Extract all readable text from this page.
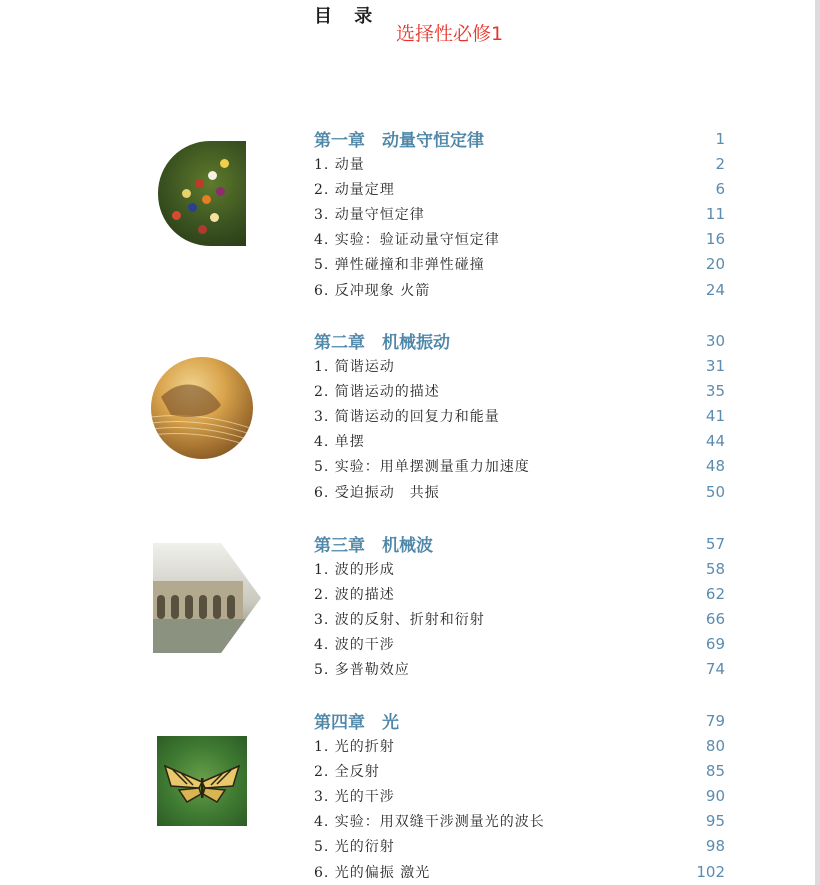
目 录
选择性必修1
第一章　动量守恒定律	1
1. 动量	2
2. 动量定理	6
3. 动量守恒定律	11
4. 实验：验证动量守恒定律	16
5. 弹性碰撞和非弹性碰撞	20
6. 反冲现象 火箭	24
第二章　机械振动	30
1. 简谐运动	31
2. 简谐运动的描述	35
3. 简谐运动的回复力和能量	41
4. 单摆	44
5. 实验：用单摆测量重力加速度	48
6. 受迫振动　共振	50
第三章　机械波	57
1. 波的形成	58
2. 波的描述	62
3. 波的反射、折射和衍射	66
4. 波的干涉	69
5. 多普勒效应	74
第四章　光	79
1. 光的折射	80
2. 全反射	85
3. 光的干涉	90
4. 实验：用双缝干涉测量光的波长	95
5. 光的衍射	98
6. 光的偏振 激光	102
